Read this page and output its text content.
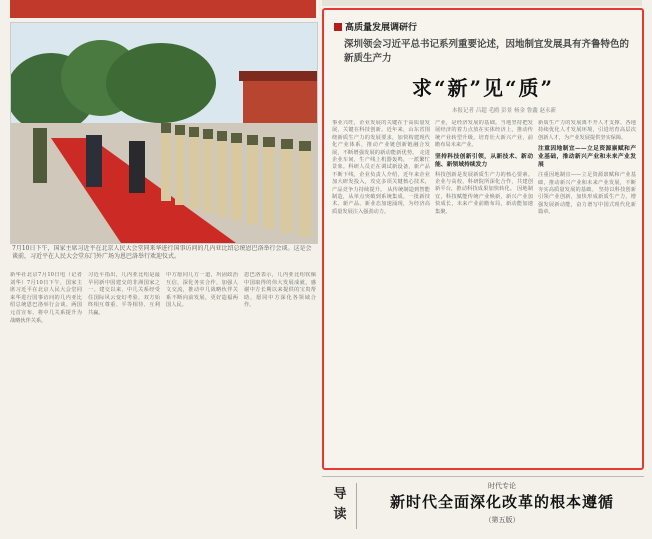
7月10日下午，国家主席习近平在北京人民大会堂同来华进行国事访问的几内亚比绍总统恩巴洛举行会谈。这是会谈前，习近平在人民大会堂东门外广场为恩巴洛举行欢迎仪式。
新华社北京7月10日电（记者刘华）7月10日下午，国家主席习近平在北京人民大会堂同来华进行国事访问的几内亚比绍总统恩巴洛举行会谈。两国元首宣布，将中几关系提升为战略伙伴关系。
习近平指出，几内亚比绍是最早同新中国建交的非洲国家之一。建交以来，中几关系经受住国际风云变幻考验，双方始终相互尊重、平等相待、互利共赢。
中方愿同几方一道，巩固政治互信，深化务实合作，加强人文交流，推动中几战略伙伴关系不断向前发展，更好造福两国人民。
恩巴洛表示，几内亚比绍钦佩中国取得的伟大发展成就，感谢中方长期以来提供的宝贵帮助，愿同中方深化各领域合作。
高质量发展调研行
深圳领会习近平总书记系列重要论述，因地制宜发展具有齐鲁特色的新质生产力
求“新”见“质”
本报记者 吕超 毛鸥 彭景 杨金 鲁鑫 赵永新
事业兴旺，企业发展的关键在于高质量发展，关键在科技创新。近年来，山东省围绕新质生产力的发展要求，加快构建现代化产业体系，推动产业链创新链融合发展，不断增强发展的新动能新优势。 走进企业车间，生产线上机器轰鸣，一派繁忙景象。科研人员正在调试新设备，新产品不断下线，企业负责人介绍，近年来企业加大研发投入，攻克多项关键核心技术，产品竞争力持续提升。 从传统制造到智能制造，从单点突破到系统集成，一批新技术、新产品、新业态加速涌现，为经济高质量发展注入强劲动力。
产业，是经济发展的基础。当地坚持把发展经济的着力点放在实体经济上，推动传统产业转型升级，培育壮大新兴产业，前瞻布局未来产业。
坚持科技创新引领，从新技术、新动能、新领域持续发力
科技创新是发展新质生产力的核心要素。企业与高校、科研院所深化合作，共建创新平台，推动科技成果加快转化。 因地制宜，科技赋能传统产业焕新，新兴产业加快成长，未来产业前瞻布局，新动能加速集聚。
新质生产力的发展离不开人才支撑。各地持续优化人才发展环境，引进培育高层次创新人才，为产业发展提供坚实保障。
注重因地制宜——立足资源禀赋和产业基础，推动新兴产业和未来产业发展
注重因地制宜——立足资源禀赋和产业基础，推动新兴产业和未来产业发展，不断夯实高质量发展的基础。 坚持以科技创新引领产业创新，加快形成新质生产力，增强发展新动能，奋力谱写中国式现代化新篇章。
导读
时代专论
新时代全面深化改革的根本遵循
（第五版）
